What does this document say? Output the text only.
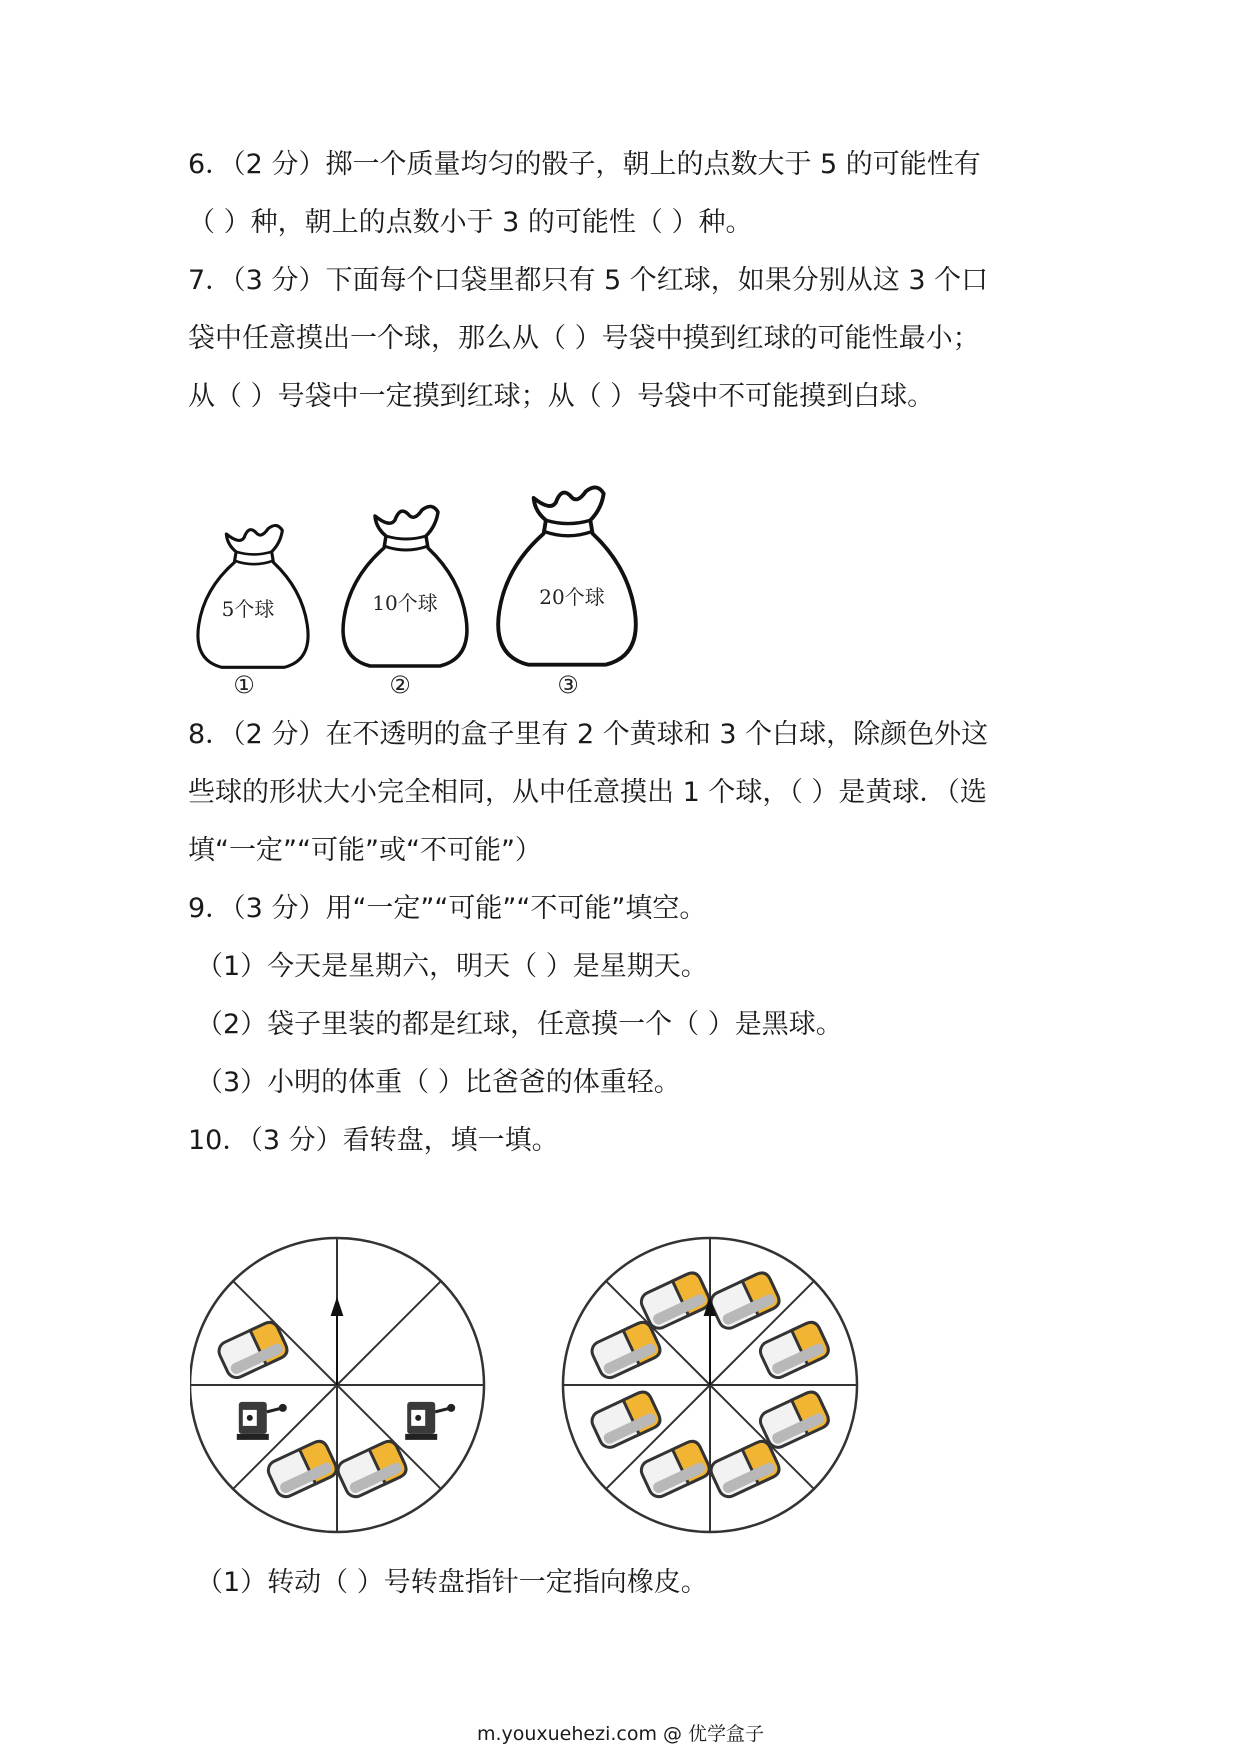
6．（2 分）掷一个质量均匀的骰子，朝上的点数大于 5 的可能性有
（ ）种，朝上的点数小于 3 的可能性（ ）种。
7．（3 分）下面每个口袋里都只有 5 个红球，如果分别从这 3 个口
袋中任意摸出一个球，那么从（ ）号袋中摸到红球的可能性最小；
从（ ）号袋中一定摸到红球；从（ ）号袋中不可能摸到白球。
5个球
①
10个球
②
20个球
③
8．（2 分）在不透明的盒子里有 2 个黄球和 3 个白球，除颜色外这
些球的形状大小完全相同，从中任意摸出 1 个球，（ ）是黄球．（选
填“一定”“可能”或“不可能”）
9．（3 分）用“一定”“可能”“不可能”填空。
（1）今天是星期六，明天（ ）是星期天。
（2）袋子里装的都是红球，任意摸一个（ ）是黑球。
（3）小明的体重（ ）比爸爸的体重轻。
10．（3 分）看转盘，填一填。
（1）转动（ ）号转盘指针一定指向橡皮。
m.youxuehezi.com @ 优学盒子
